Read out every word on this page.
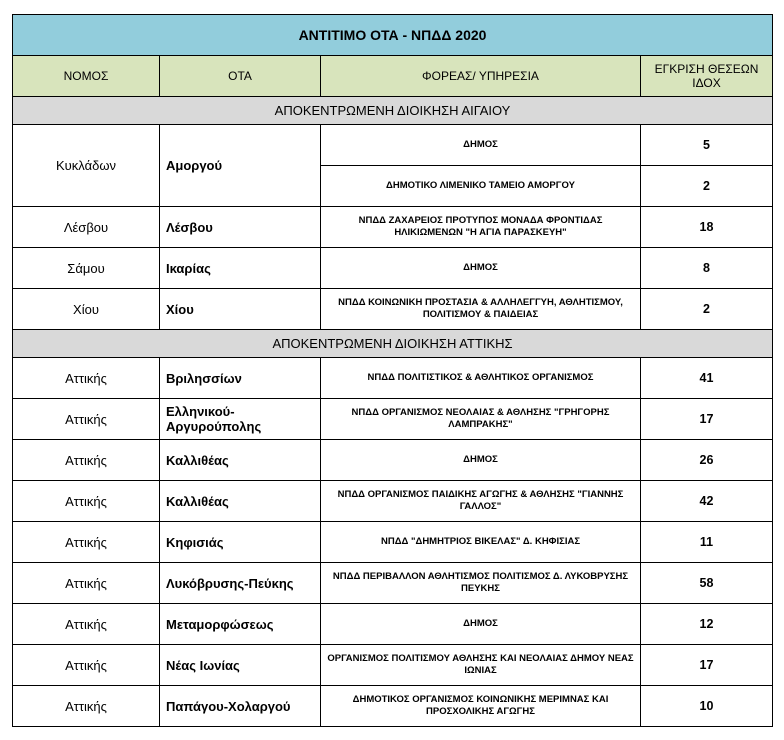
ΑΝΤΙΤΙΜΟ ΟΤΑ - ΝΠΔΔ 2020			
ΝΟΜΟΣ	ΟΤΑ	ΦΟΡΕΑΣ/ ΥΠΗΡΕΣΙΑ	ΕΓΚΡΙΣΗ ΘΕΣΕΩΝ ΙΔΟΧ
ΑΠΟΚΕΝΤΡΩΜΕΝΗ ΔΙΟΙΚΗΣΗ ΑΙΓΑΙΟΥ			
Κυκλάδων	Αμοργού	ΔΗΜΟΣ	5
		ΔΗΜΟΤΙΚΟ ΛΙΜΕΝΙΚΟ ΤΑΜΕΙΟ ΑΜΟΡΓΟΥ	2
Λέσβου	Λέσβου	ΝΠΔΔ ΖΑΧΑΡΕΙΟΣ ΠΡΟΤΥΠΟΣ ΜΟΝΑΔΑ ΦΡΟΝΤΙΔΑΣ ΗΛΙΚΙΩΜΕΝΩΝ "Η ΑΓΙΑ ΠΑΡΑΣΚΕΥΗ"	18
Σάμου	Ικαρίας	ΔΗΜΟΣ	8
Χίου	Χίου	ΝΠΔΔ ΚΟΙΝΩΝΙΚΗ ΠΡΟΣΤΑΣΙΑ & ΑΛΛΗΛΕΓΓΥΗ, ΑΘΛΗΤΙΣΜΟΥ, ΠΟΛΙΤΙΣΜΟΥ & ΠΑΙΔΕΙΑΣ	2
ΑΠΟΚΕΝΤΡΩΜΕΝΗ ΔΙΟΙΚΗΣΗ ΑΤΤΙΚΗΣ			
Αττικής	Βριλησσίων	ΝΠΔΔ ΠΟΛΙΤΙΣΤΙΚΟΣ & ΑΘΛΗΤΙΚΟΣ ΟΡΓΑΝΙΣΜΟΣ	41
Αττικής	Ελληνικού-Αργυρούπολης	ΝΠΔΔ ΟΡΓΑΝΙΣΜΟΣ ΝΕΟΛΑΙΑΣ & ΑΘΛΗΣΗΣ "ΓΡΗΓΟΡΗΣ ΛΑΜΠΡΑΚΗΣ"	17
Αττικής	Καλλιθέας	ΔΗΜΟΣ	26
Αττικής	Καλλιθέας	ΝΠΔΔ ΟΡΓΑΝΙΣΜΟΣ ΠΑΙΔΙΚΗΣ ΑΓΩΓΗΣ & ΑΘΛΗΣΗΣ "ΓΙΑΝΝΗΣ ΓΑΛΛΟΣ"	42
Αττικής	Κηφισιάς	ΝΠΔΔ "ΔΗΜΗΤΡΙΟΣ ΒΙΚΕΛΑΣ" Δ. ΚΗΦΙΣΙΑΣ	11
Αττικής	Λυκόβρυσης-Πεύκης	ΝΠΔΔ ΠΕΡΙΒΑΛΛΟΝ ΑΘΛΗΤΙΣΜΟΣ ΠΟΛΙΤΙΣΜΟΣ Δ. ΛΥΚΟΒΡΥΣΗΣ ΠΕΥΚΗΣ	58
Αττικής	Μεταμορφώσεως	ΔΗΜΟΣ	12
Αττικής	Νέας Ιωνίας	ΟΡΓΑΝΙΣΜΟΣ ΠΟΛΙΤΙΣΜΟΥ ΑΘΛΗΣΗΣ ΚΑΙ ΝΕΟΛΑΙΑΣ ΔΗΜΟΥ ΝΕΑΣ ΙΩΝΙΑΣ	17
Αττικής	Παπάγου-Χολαργού	ΔΗΜΟΤΙΚΟΣ ΟΡΓΑΝΙΣΜΟΣ ΚΟΙΝΩΝΙΚΗΣ ΜΕΡΙΜΝΑΣ ΚΑΙ ΠΡΟΣΧΟΛΙΚΗΣ ΑΓΩΓΗΣ	10
